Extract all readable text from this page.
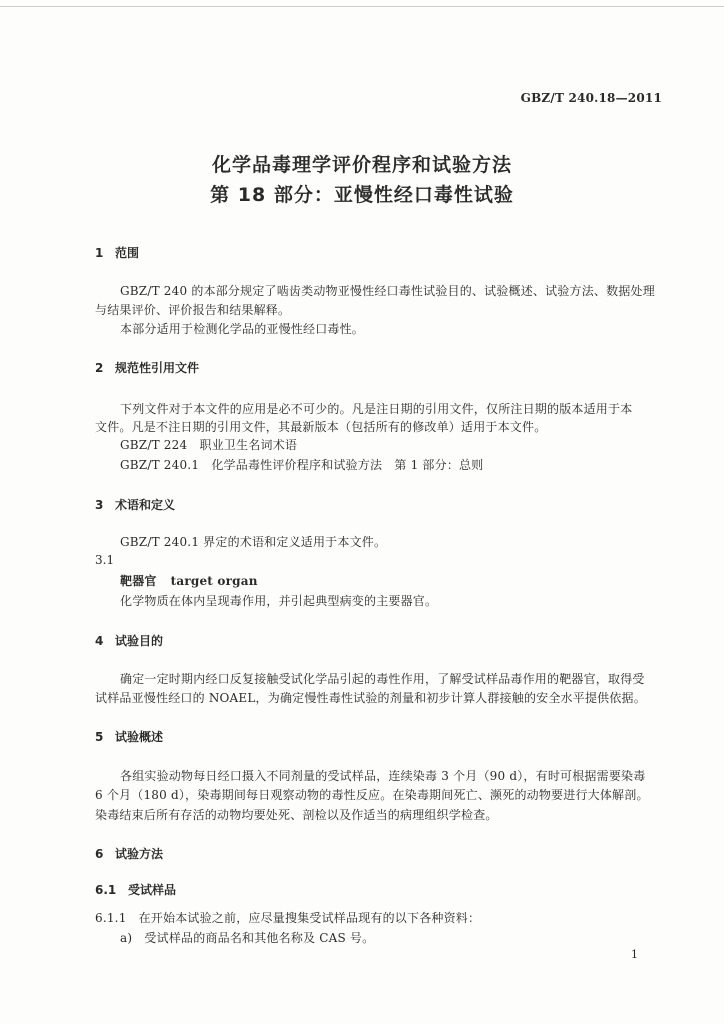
GBZ/T 240.18—2011
化学品毒理学评价程序和试验方法
第 18 部分：亚慢性经口毒性试验
1 范围
GBZ/T 240 的本部分规定了啮齿类动物亚慢性经口毒性试验目的、试验概述、试验方法、数据处理
与结果评价、评价报告和结果解释。
本部分适用于检测化学品的亚慢性经口毒性。
2 规范性引用文件
下列文件对于本文件的应用是必不可少的。凡是注日期的引用文件，仅所注日期的版本适用于本
文件。凡是不注日期的引用文件，其最新版本（包括所有的修改单）适用于本文件。
GBZ/T 224　职业卫生名词术语
GBZ/T 240.1　化学品毒性评价程序和试验方法　第 1 部分：总则
3 术语和定义
GBZ/T 240.1 界定的术语和定义适用于本文件。
3.1
靶器官 target organ
化学物质在体内呈现毒作用，并引起典型病变的主要器官。
4 试验目的
确定一定时期内经口反复接触受试化学品引起的毒性作用，了解受试样品毒作用的靶器官，取得受
试样品亚慢性经口的 NOAEL，为确定慢性毒性试验的剂量和初步计算人群接触的安全水平提供依据。
5 试验概述
各组实验动物每日经口摄入不同剂量的受试样品，连续染毒 3 个月（90 d），有时可根据需要染毒
6 个月（180 d），染毒期间每日观察动物的毒性反应。在染毒期间死亡、濒死的动物要进行大体解剖。
染毒结束后所有存活的动物均要处死、剖检以及作适当的病理组织学检查。
6 试验方法
6.1 受试样品
6.1.1 在开始本试验之前，应尽量搜集受试样品现有的以下各种资料：
a)　受试样品的商品名和其他名称及 CAS 号。
1
